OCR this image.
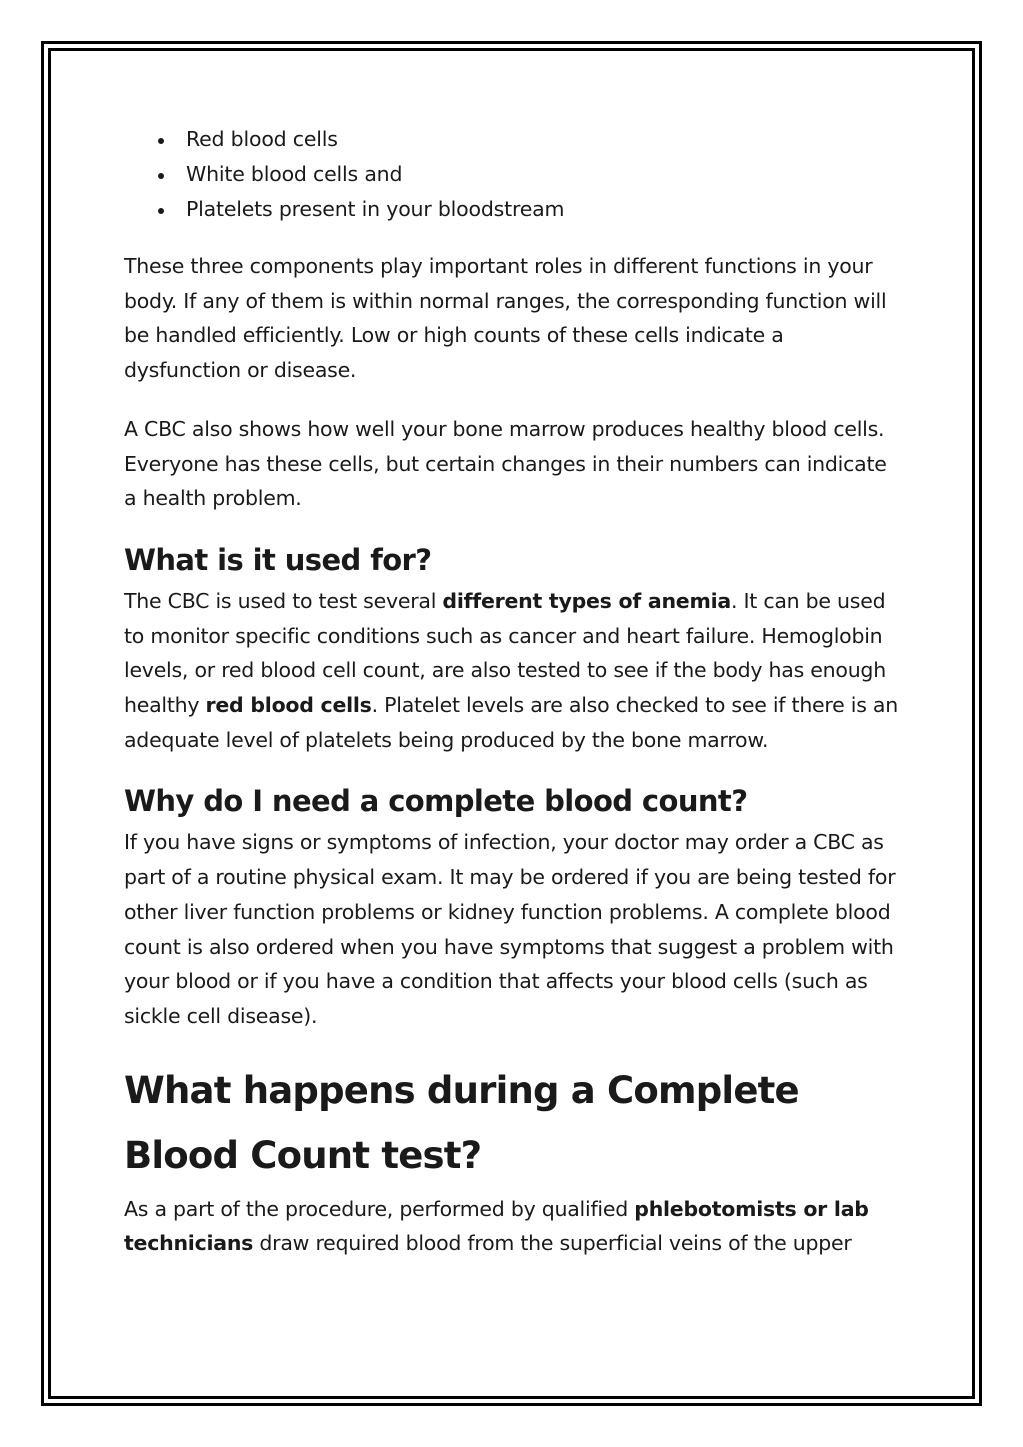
Red blood cells
White blood cells and
Platelets present in your bloodstream

These three components play important roles in different functions in your body. If any of them is within normal ranges, the corresponding function will be handled efficiently. Low or high counts of these cells indicate a dysfunction or disease.

A CBC also shows how well your bone marrow produces healthy blood cells. Everyone has these cells, but certain changes in their numbers can indicate a health problem.

What is it used for?

The CBC is used to test several different types of anemia. It can be used to monitor specific conditions such as cancer and heart failure. Hemoglobin levels, or red blood cell count, are also tested to see if the body has enough healthy red blood cells. Platelet levels are also checked to see if there is an adequate level of platelets being produced by the bone marrow.

Why do I need a complete blood count?

If you have signs or symptoms of infection, your doctor may order a CBC as part of a routine physical exam. It may be ordered if you are being tested for other liver function problems or kidney function problems. A complete blood count is also ordered when you have symptoms that suggest a problem with your blood or if you have a condition that affects your blood cells (such as sickle cell disease).

What happens during a Complete Blood Count test?

As a part of the procedure, performed by qualified phlebotomists or lab technicians draw required blood from the superficial veins of the upper
